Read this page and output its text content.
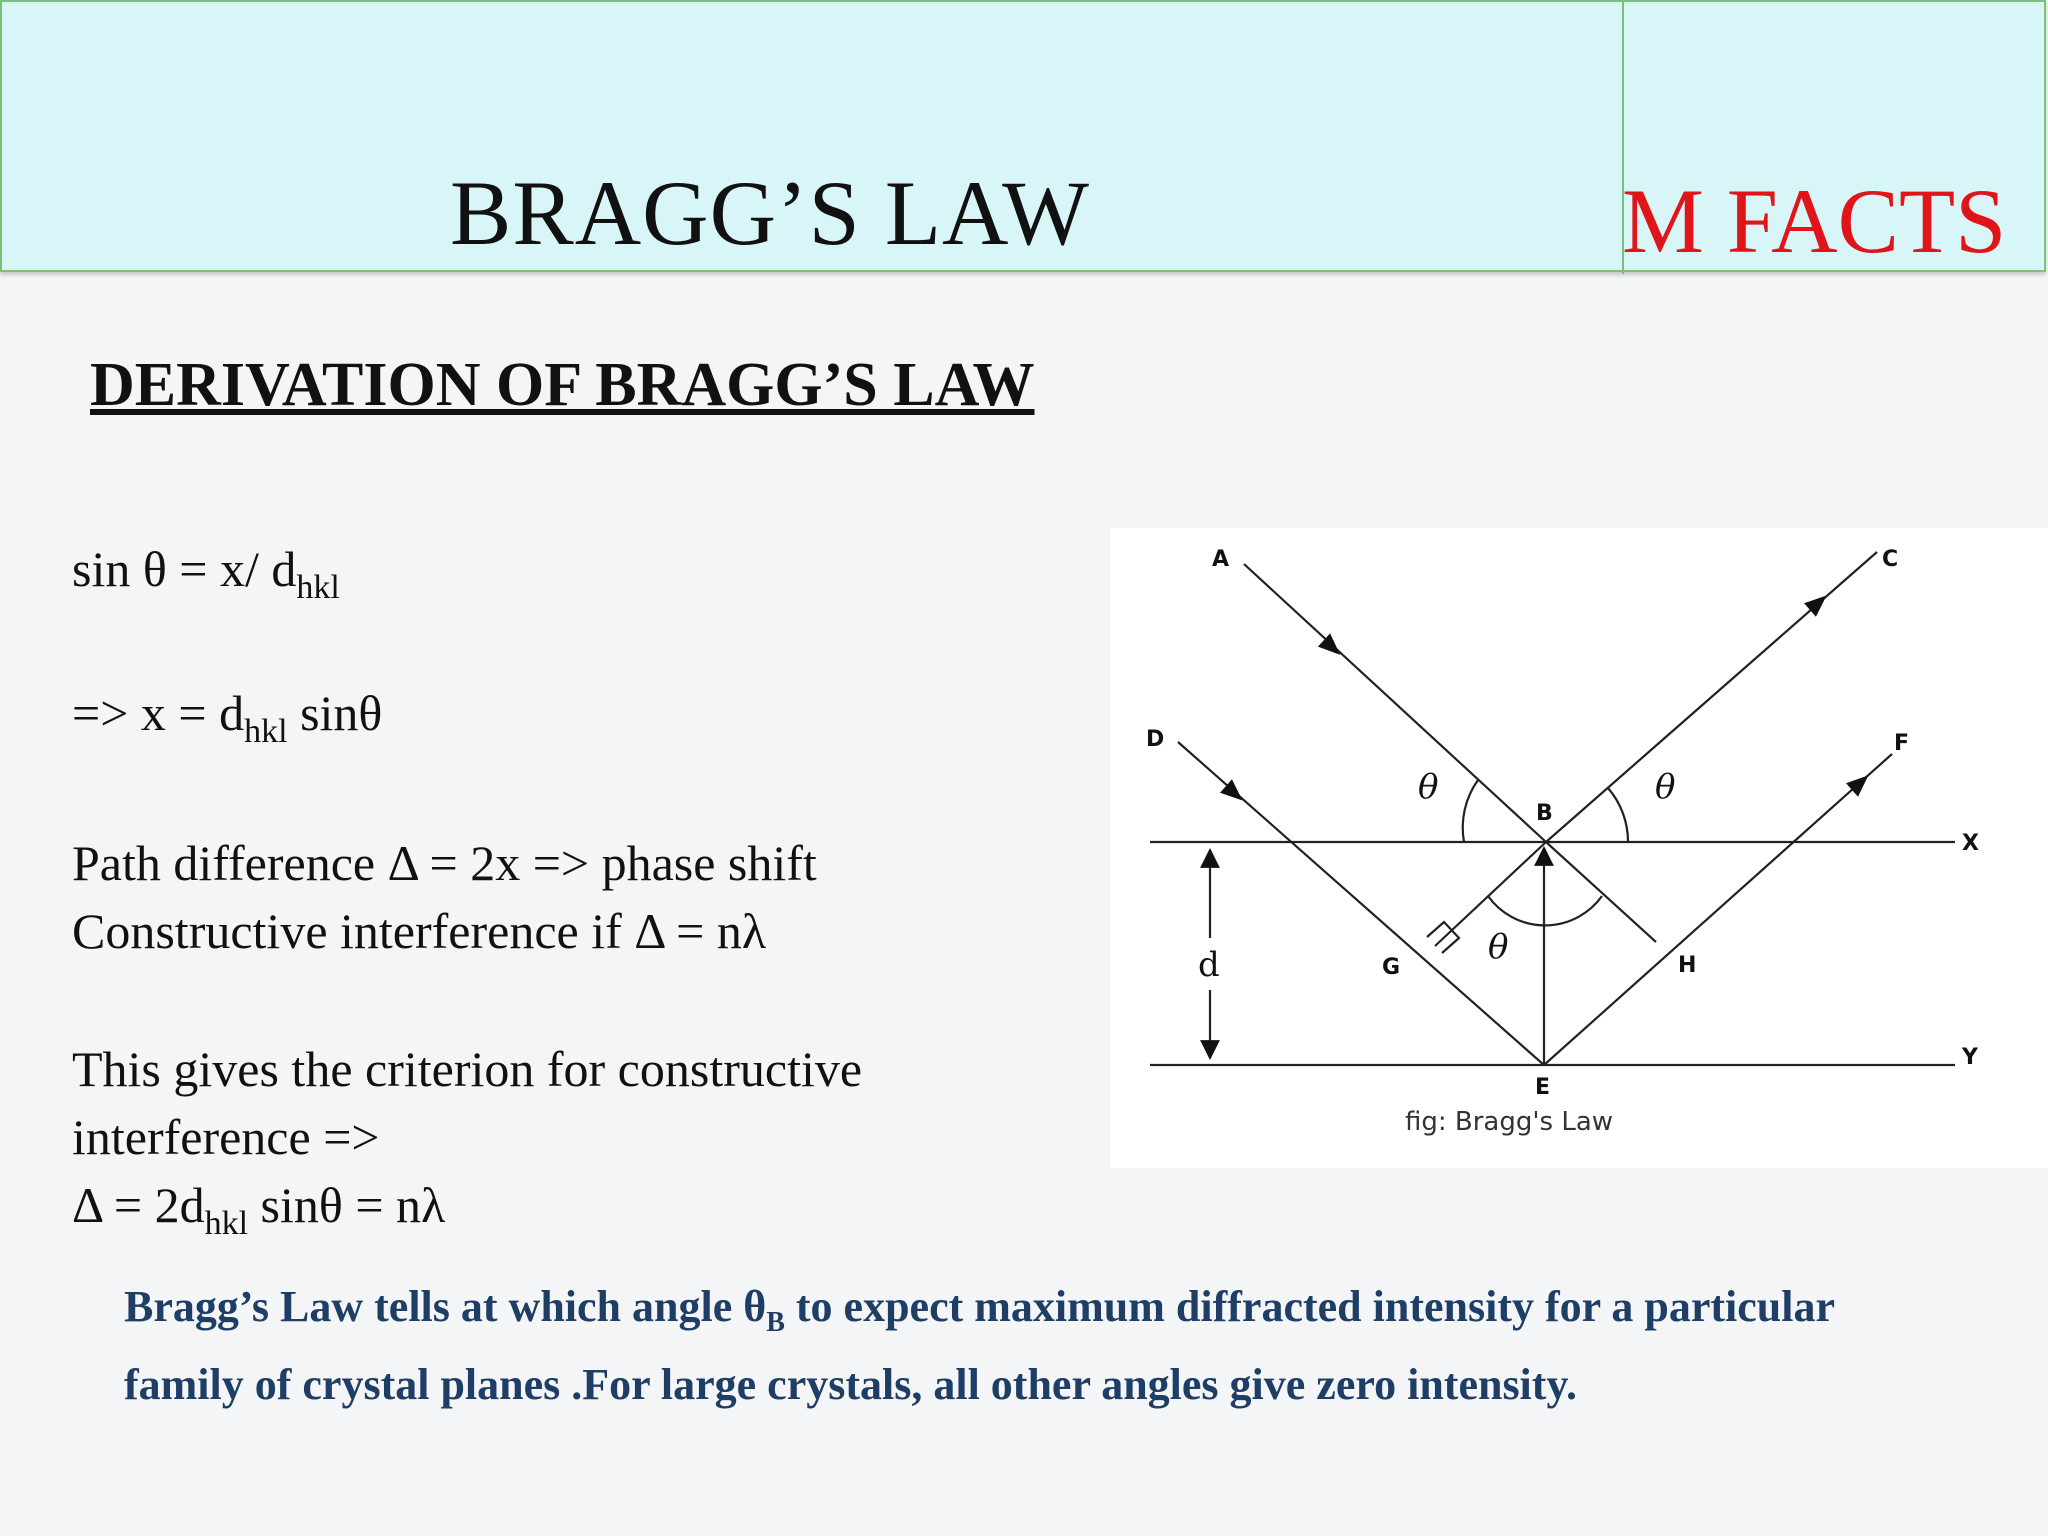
BRAGG’S LAW	M FACTS
DERIVATION OF BRAGG’S LAW
sin θ = x/ $d_{hkl}$
=> $x = d_{hkl}$ sinθ
Path difference Δ = 2x => phase shift
Constructive interference if Δ = nλ
This gives the criterion for constructive
interference =>
$\Delta = 2d_{hkl}$ sinθ = nλ
A	C
D	F
B
X
G	H
Y
E
d
θ	θ
θ
fig: Bragg's Law
Bragg’s Law tells at which angle $\theta_B$ to expect maximum diffracted intensity for a particular family of crystal planes .For large crystals, all other angles give zero intensity.
